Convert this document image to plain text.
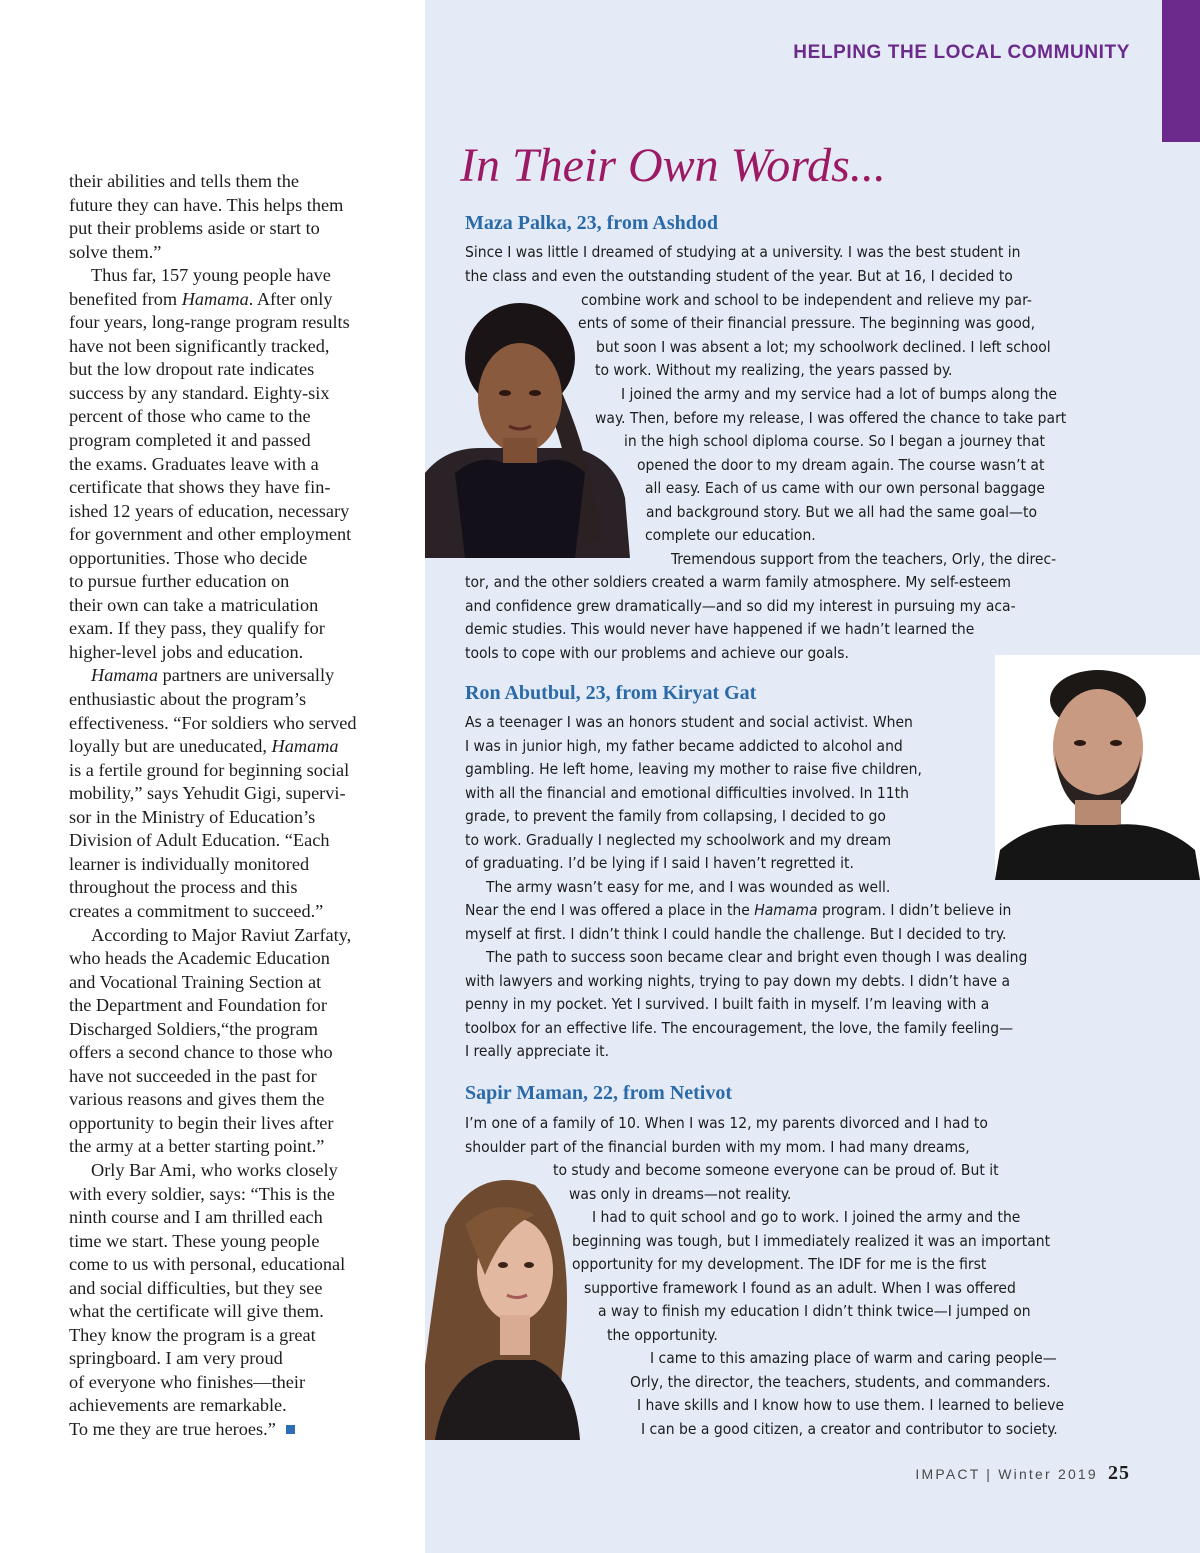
HELPING THE LOCAL COMMUNITY
their abilities and tells them the
future they can have. This helps them
put their problems aside or start to
solve them.”
Thus far, 157 young people have
benefited from Hamama. After only
four years, long-range program results
have not been significantly tracked,
but the low dropout rate indicates
success by any standard. Eighty-six
percent of those who came to the
program completed it and passed
the exams. Graduates leave with a
certificate that shows they have fin-
ished 12 years of education, necessary
for government and other employment
opportunities. Those who decide
to pursue further education on
their own can take a matriculation
exam. If they pass, they qualify for
higher-level jobs and education.
Hamama partners are universally
enthusiastic about the program’s
effectiveness. “For soldiers who served
loyally but are uneducated, Hamama
is a fertile ground for beginning social
mobility,” says Yehudit Gigi, supervi-
sor in the Ministry of Education’s
Division of Adult Education. “Each
learner is individually monitored
throughout the process and this
creates a commitment to succeed.”
According to Major Raviut Zarfaty,
who heads the Academic Education
and Vocational Training Section at
the Department and Foundation for
Discharged Soldiers,“the program
offers a second chance to those who
have not succeeded in the past for
various reasons and gives them the
opportunity to begin their lives after
the army at a better starting point.”
Orly Bar Ami, who works closely
with every soldier, says: “This is the
ninth course and I am thrilled each
time we start. These young people
come to us with personal, educational
and social difficulties, but they see
what the certificate will give them.
They know the program is a great
springboard. I am very proud
of everyone who finishes—their
achievements are remarkable.
To me they are true heroes.”
In Their Own Words...
Maza Palka, 23, from Ashdod
Ron Abutbul, 23, from Kiryat Gat
Sapir Maman, 22, from Netivot
Since I was little I dreamed of studying at a university. I was the best student in
the class and even the outstanding student of the year. But at 16, I decided to
combine work and school to be independent and relieve my par-
ents of some of their financial pressure. The beginning was good,
but soon I was absent a lot; my schoolwork declined. I left school
to work. Without my realizing, the years passed by.
I joined the army and my service had a lot of bumps along the
way. Then, before my release, I was offered the chance to take part
in the high school diploma course. So I began a journey that
opened the door to my dream again. The course wasn’t at
all easy. Each of us came with our own personal baggage
and background story. But we all had the same goal—to
complete our education.
Tremendous support from the teachers, Orly, the direc-
tor, and the other soldiers created a warm family atmosphere. My self-esteem
and confidence grew dramatically—and so did my interest in pursuing my aca-
demic studies. This would never have happened if we hadn’t learned the
tools to cope with our problems and achieve our goals.
As a teenager I was an honors student and social activist. When
I was in junior high, my father became addicted to alcohol and
gambling. He left home, leaving my mother to raise five children,
with all the financial and emotional difficulties involved. In 11th
grade, to prevent the family from collapsing, I decided to go
to work. Gradually I neglected my schoolwork and my dream
of graduating. I’d be lying if I said I haven’t regretted it.
The army wasn’t easy for me, and I was wounded as well.
Near the end I was offered a place in the Hamama program. I didn’t believe in
myself at first. I didn’t think I could handle the challenge. But I decided to try.
The path to success soon became clear and bright even though I was dealing
with lawyers and working nights, trying to pay down my debts. I didn’t have a
penny in my pocket. Yet I survived. I built faith in myself. I’m leaving with a
toolbox for an effective life. The encouragement, the love, the family feeling—
I really appreciate it.
I’m one of a family of 10. When I was 12, my parents divorced and I had to
shoulder part of the financial burden with my mom. I had many dreams,
to study and become someone everyone can be proud of. But it
was only in dreams—not reality.
I had to quit school and go to work. I joined the army and the
beginning was tough, but I immediately realized it was an important
opportunity for my development. The IDF for me is the first
supportive framework I found as an adult. When I was offered
a way to finish my education I didn’t think twice—I jumped on
the opportunity.
I came to this amazing place of warm and caring people—
Orly, the director, the teachers, students, and commanders.
I have skills and I know how to use them. I learned to believe
I can be a good citizen, a creator and contributor to society.
IMPACT | Winter 2019 25
